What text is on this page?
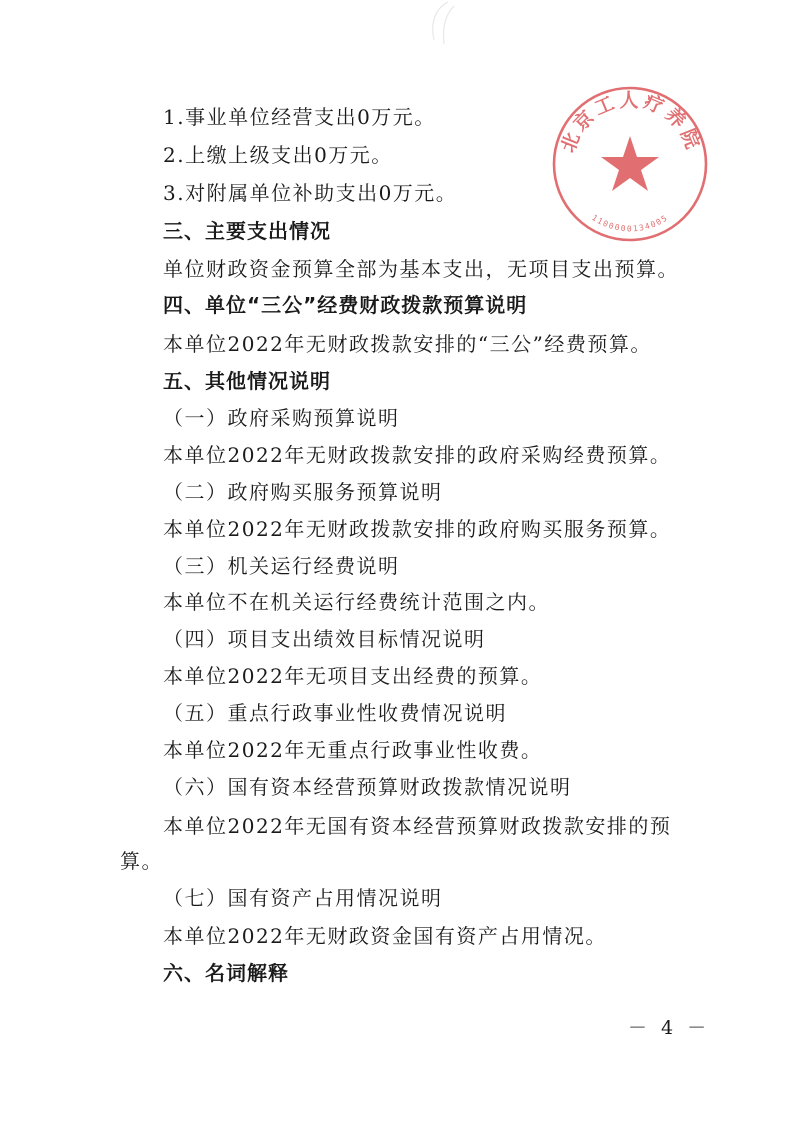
1.事业单位经营支出0万元。
2.上缴上级支出0万元。
3.对附属单位补助支出0万元。
三、主要支出情况
单位财政资金预算全部为基本支出，无项目支出预算。
四、单位“三公”经费财政拨款预算说明
本单位2022年无财政拨款安排的“三公”经费预算。
五、其他情况说明
（一）政府采购预算说明
本单位2022年无财政拨款安排的政府采购经费预算。
（二）政府购买服务预算说明
本单位2022年无财政拨款安排的政府购买服务预算。
（三）机关运行经费说明
本单位不在机关运行经费统计范围之内。
（四）项目支出绩效目标情况说明
本单位2022年无项目支出经费的预算。
（五）重点行政事业性收费情况说明
本单位2022年无重点行政事业性收费。
（六）国有资本经营预算财政拨款情况说明
本单位2022年无国有资本经营预算财政拨款安排的预
算。
（七）国有资产占用情况说明
本单位2022年无财政资金国有资产占用情况。
六、名词解释
－ 4 －
北京工人疗养院
1100000134005
